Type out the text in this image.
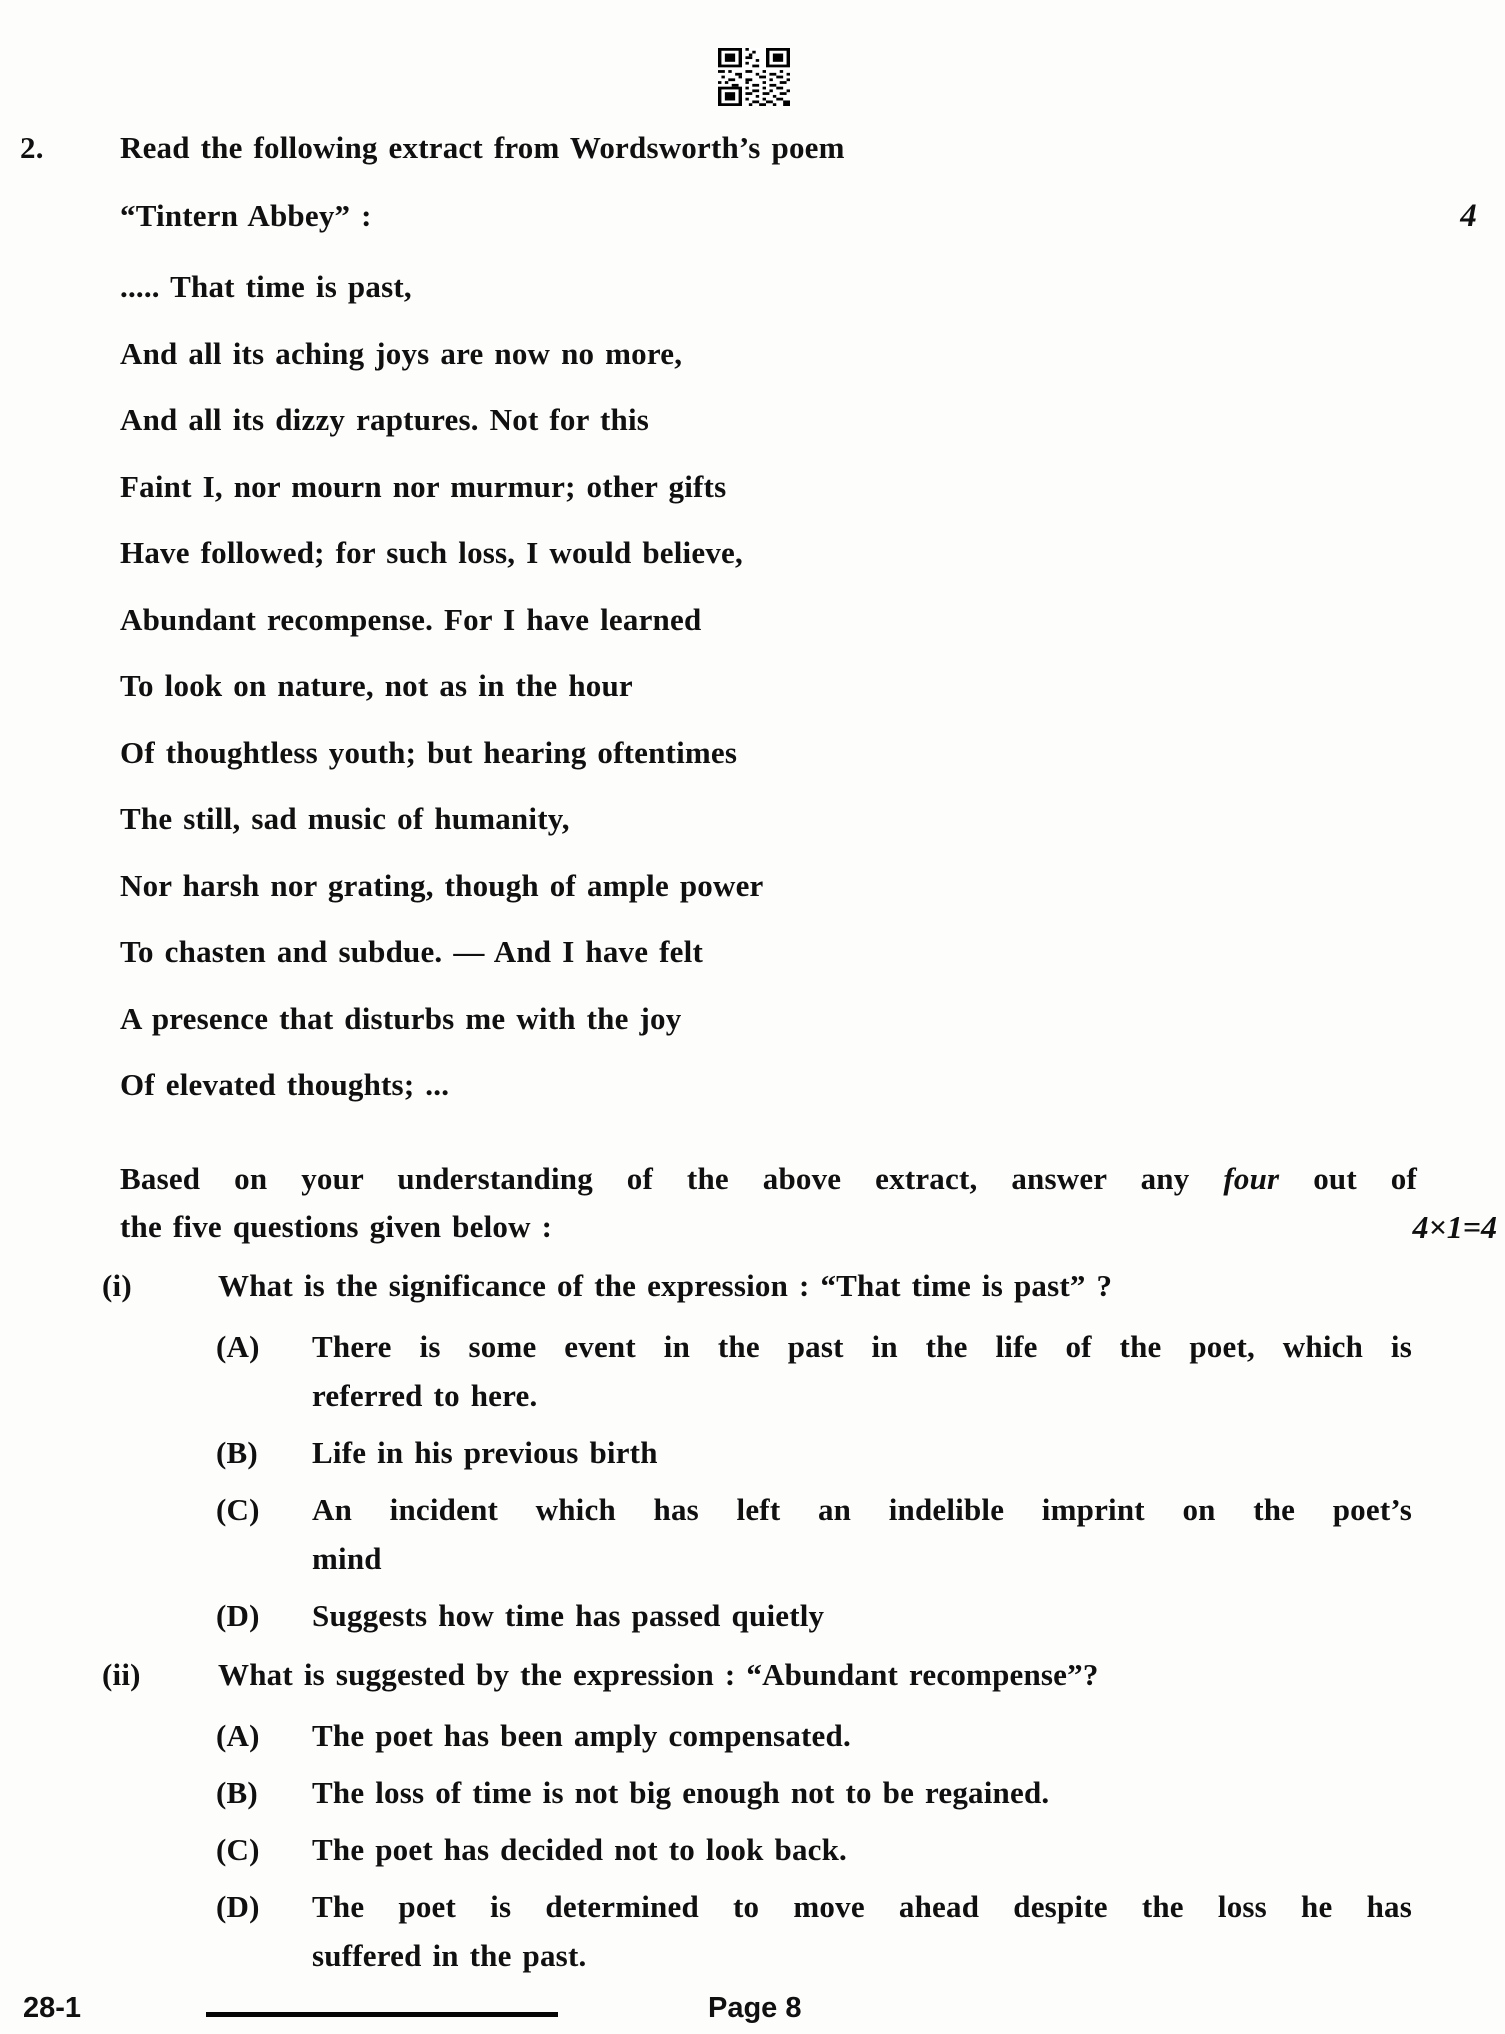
2.	Read the following extract from Wordsworth’s poem
“Tintern Abbey” :	4
..... That time is past,
And all its aching joys are now no more,
And all its dizzy raptures. Not for this
Faint I, nor mourn nor murmur; other gifts
Have followed; for such loss, I would believe,
Abundant recompense. For I have learned
To look on nature, not as in the hour
Of thoughtless youth; but hearing oftentimes
The still, sad music of humanity,
Nor harsh nor grating, though of ample power
To chasten and subdue. — And I have felt
A presence that disturbs me with the joy
Of elevated thoughts; ...
Based on your understanding of the above extract, answer any four out of
the five questions given below :	4×1=4
(i)	What is the significance of the expression : “That time is past” ?
(A)	There is some event in the past in the life of the poet, which is
referred to here.
(B)	Life in his previous birth
(C)	An incident which has left an indelible imprint on the poet’s
mind
(D)	Suggests how time has passed quietly
(ii) What is suggested by the expression : “Abundant recompense”?
(A)	The poet has been amply compensated.
(B)	The loss of time is not big enough not to be regained.
(C)	The poet has decided not to look back.
(D)	The poet is determined to move ahead despite the loss he has
suffered in the past.
28-1	Page 8
